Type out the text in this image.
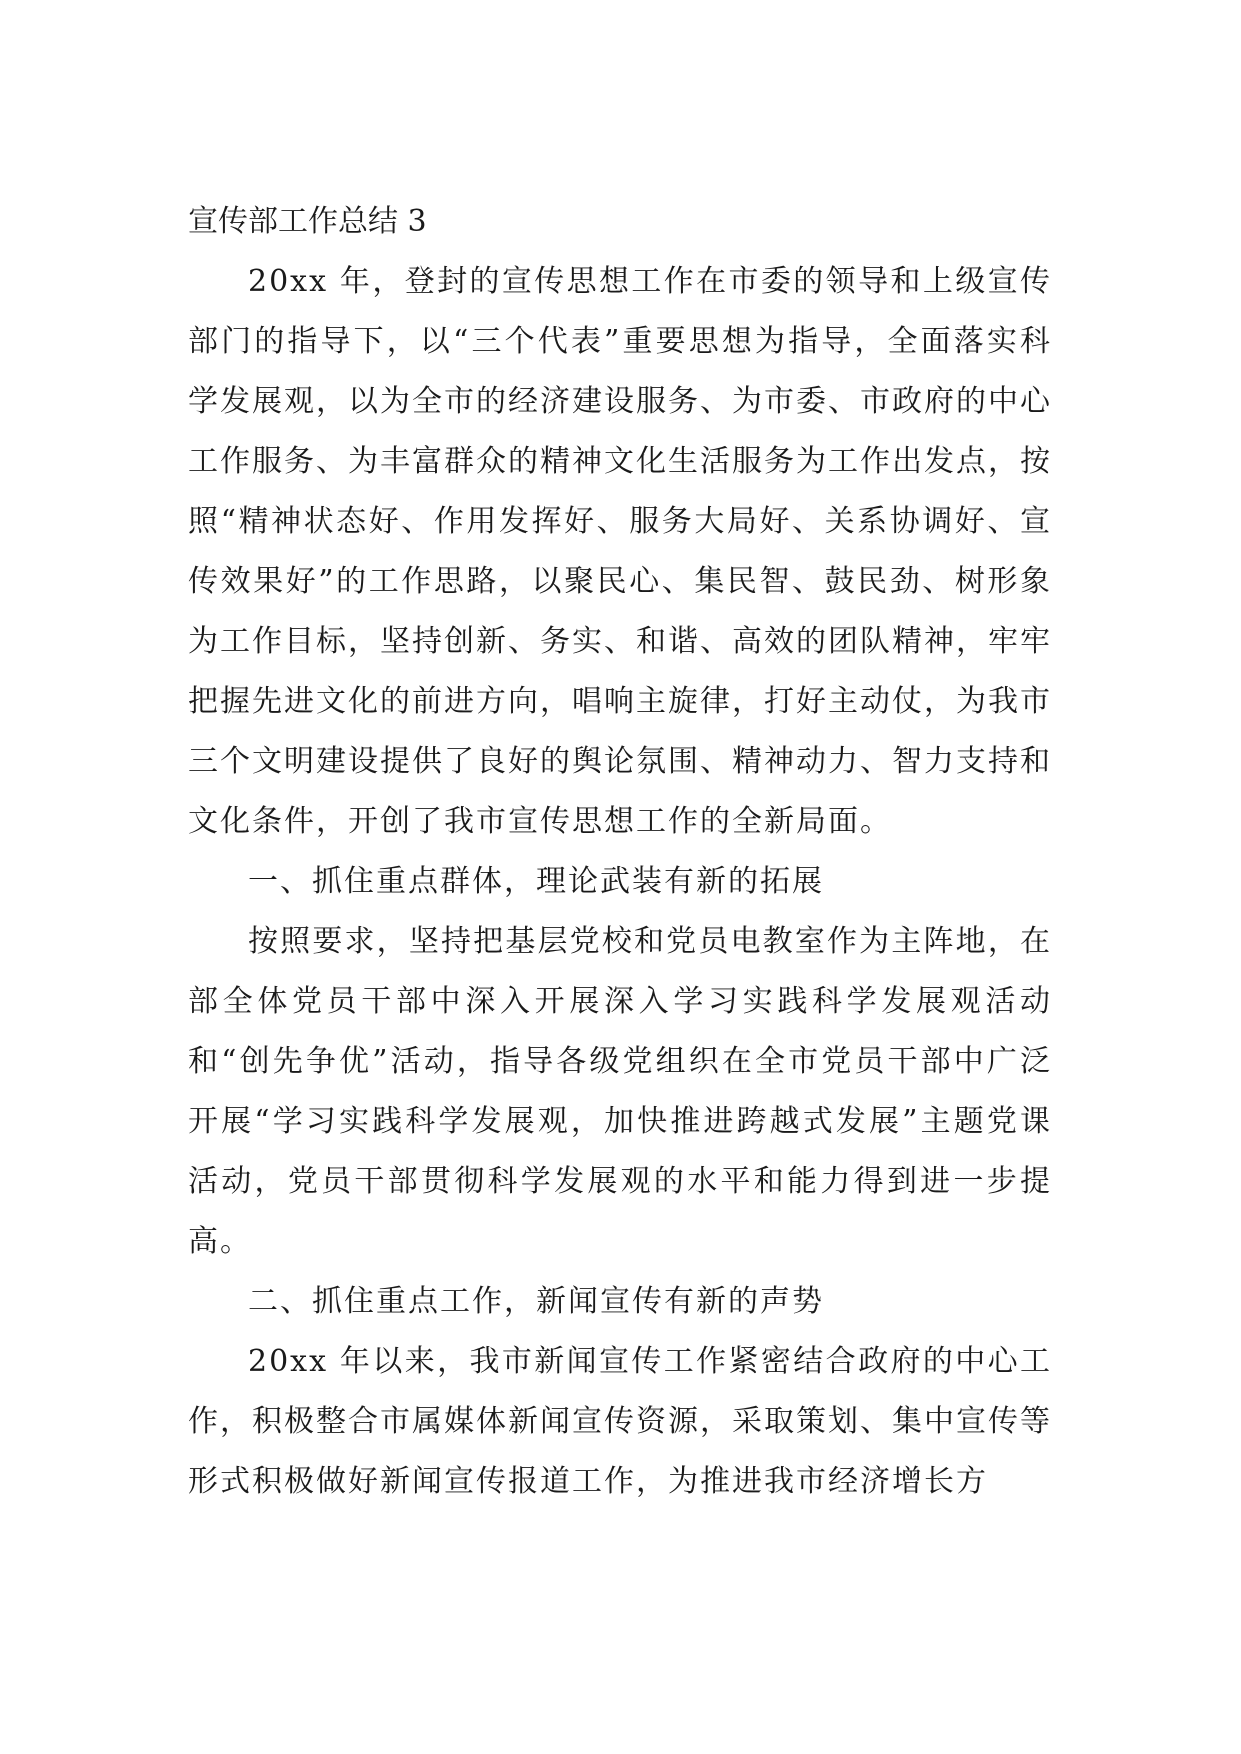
宣传部工作总结 3

20xx 年，登封的宣传思想工作在市委的领导和上级宣传部门的指导下，以“三个代表”重要思想为指导，全面落实科学发展观，以为全市的经济建设服务、为市委、市政府的中心工作服务、为丰富群众的精神文化生活服务为工作出发点，按照“精神状态好、作用发挥好、服务大局好、关系协调好、宣传效果好”的工作思路，以聚民心、集民智、鼓民劲、树形象为工作目标，坚持创新、务实、和谐、高效的团队精神，牢牢把握先进文化的前进方向，唱响主旋律，打好主动仗，为我市三个文明建设提供了良好的舆论氛围、精神动力、智力支持和文化条件，开创了我市宣传思想工作的全新局面。

一、抓住重点群体，理论武装有新的拓展

按照要求，坚持把基层党校和党员电教室作为主阵地，在部全体党员干部中深入开展深入学习实践科学发展观活动和“创先争优”活动，指导各级党组织在全市党员干部中广泛开展“学习实践科学发展观，加快推进跨越式发展”主题党课活动，党员干部贯彻科学发展观的水平和能力得到进一步提高。

二、抓住重点工作，新闻宣传有新的声势

20xx 年以来，我市新闻宣传工作紧密结合政府的中心工作，积极整合市属媒体新闻宣传资源，采取策划、集中宣传等形式积极做好新闻宣传报道工作，为推进我市经济增长方
